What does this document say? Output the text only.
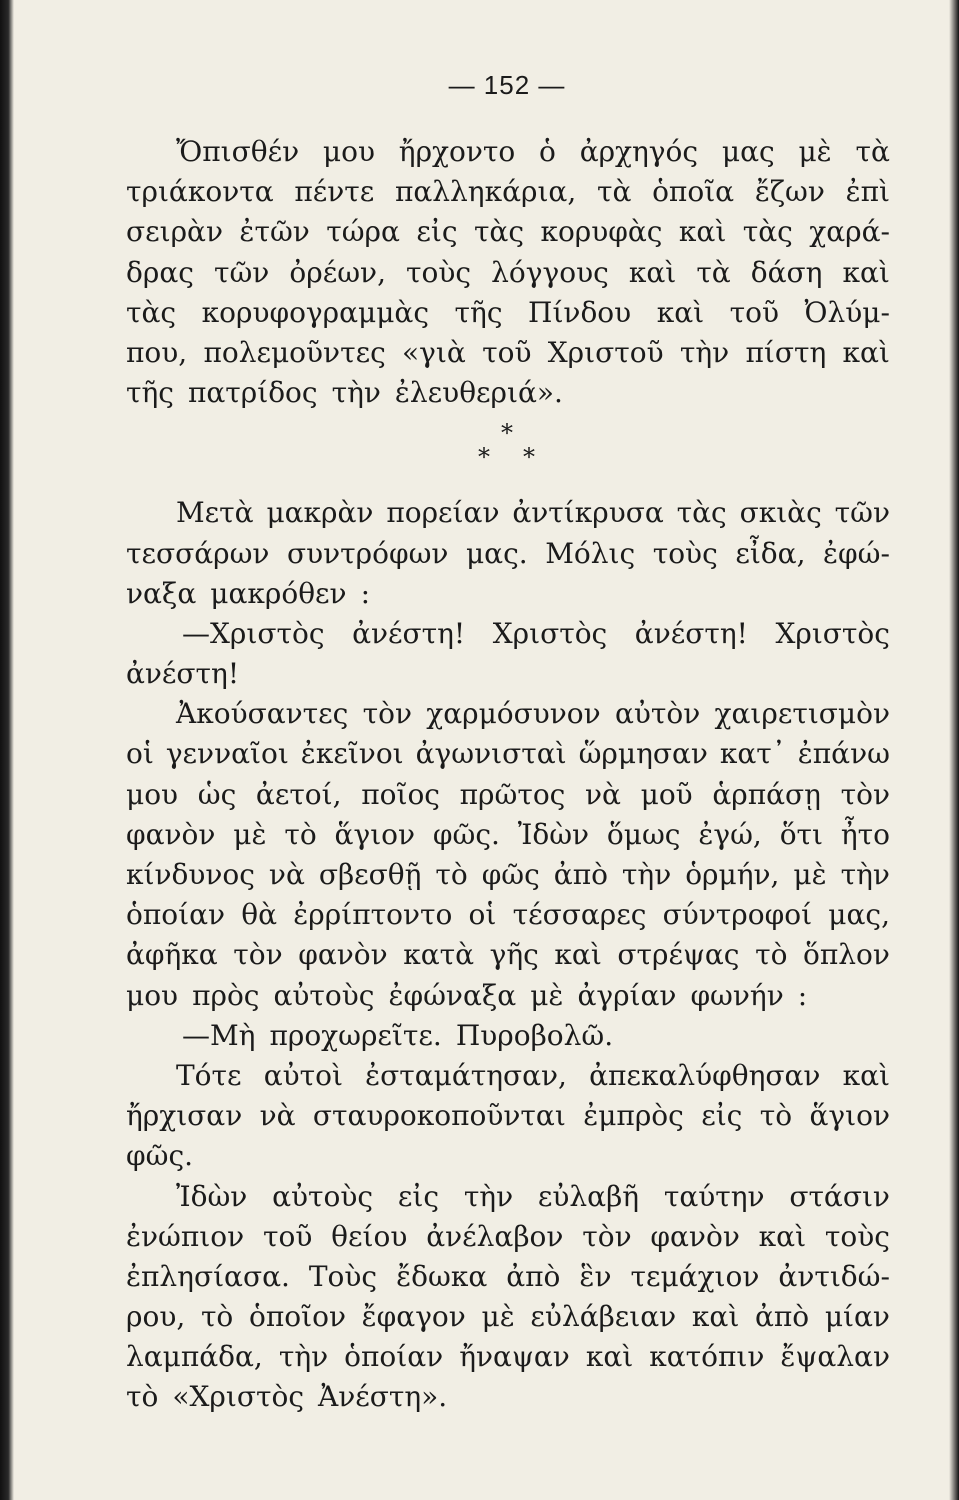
— 152 —
Ὄπισθέν μου ἤρχοντο ὁ ἀρχηγός μας μὲ τὰ
τριάκοντα πέντε παλληκάρια, τὰ ὁποῖα ἔζων ἐπὶ
σειρὰν ἐτῶν τώρα εἰς τὰς κορυφὰς καὶ τὰς χαρά-
δρας τῶν ὀρέων, τοὺς λόγγους καὶ τὰ δάση καὶ
τὰς κορυφογραμμὰς τῆς Πίνδου καὶ τοῦ Ὀλύμ-
που, πολεμοῦντες «γιὰ τοῦ Χριστοῦ τὴν πίστη καὶ
τῆς πατρίδος τὴν ἐλευθεριά».
*
* *
Μετὰ μακρὰν πορείαν ἀντίκρυσα τὰς σκιὰς τῶν
τεσσάρων συντρόφων μας. Μόλις τοὺς εἶδα, ἐφώ-
ναξα μακρόθεν :
—Χριστὸς ἀνέστη! Χριστὸς ἀνέστη! Χριστὸς
ἀνέστη!
Ἀκούσαντες τὸν χαρμόσυνον αὐτὸν χαιρετισμὸν
οἱ γενναῖοι ἐκεῖνοι ἀγωνισταὶ ὥρμησαν κατ᾽ ἐπάνω
μου ὡς ἀετοί, ποῖος πρῶτος νὰ μοῦ ἁρπάσῃ τὸν
φανὸν μὲ τὸ ἅγιον φῶς. Ἰδὼν ὅμως ἐγώ, ὅτι ἦτο
κίνδυνος νὰ σβεσθῇ τὸ φῶς ἀπὸ τὴν ὁρμήν, μὲ τὴν
ὁποίαν θὰ ἐρρίπτοντο οἱ τέσσαρες σύντροφοί μας,
ἀφῆκα τὸν φανὸν κατὰ γῆς καὶ στρέψας τὸ ὅπλον
μου πρὸς αὐτοὺς ἐφώναξα μὲ ἀγρίαν φωνήν :
—Μὴ προχωρεῖτε. Πυροβολῶ.
Τότε αὐτοὶ ἐσταμάτησαν, ἀπεκαλύφθησαν καὶ
ἤρχισαν νὰ σταυροκοποῦνται ἐμπρὸς εἰς τὸ ἅγιον
φῶς.
Ἰδὼν αὐτοὺς εἰς τὴν εὐλαβῆ ταύτην στάσιν
ἐνώπιον τοῦ θείου ἀνέλαβον τὸν φανὸν καὶ τοὺς
ἐπλησίασα. Τοὺς ἔδωκα ἀπὸ ἓν τεμάχιον ἀντιδώ-
ρου, τὸ ὁποῖον ἔφαγον μὲ εὐλάβειαν καὶ ἀπὸ μίαν
λαμπάδα, τὴν ὁποίαν ἤναψαν καὶ κατόπιν ἔψαλαν
τὸ «Χριστὸς Ἀνέστη».
